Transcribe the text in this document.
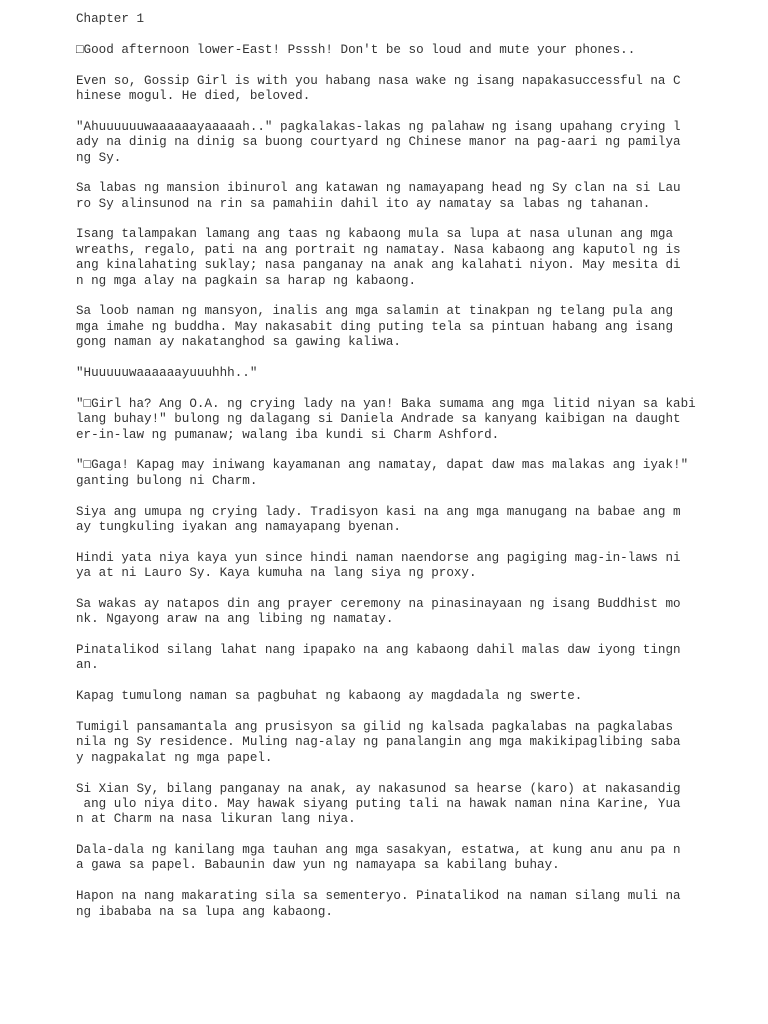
Chapter 1
□Good afternoon lower-East! Psssh! Don't be so loud and mute your phones..
Even so, Gossip Girl is with you habang nasa wake ng isang napakasuccessful na C
hinese mogul. He died, beloved.
"Ahuuuuuuwaaaaaayaaaaah.." pagkalakas-lakas ng palahaw ng isang upahang crying l
ady na dinig na dinig sa buong courtyard ng Chinese manor na pag-aari ng pamilya
ng Sy.
Sa labas ng mansion ibinurol ang katawan ng namayapang head ng Sy clan na si Lau
ro Sy alinsunod na rin sa pamahiin dahil ito ay namatay sa labas ng tahanan.
Isang talampakan lamang ang taas ng kabaong mula sa lupa at nasa ulunan ang mga
wreaths, regalo, pati na ang portrait ng namatay. Nasa kabaong ang kaputol ng is
ang kinalahating suklay; nasa panganay na anak ang kalahati niyon. May mesita di
n ng mga alay na pagkain sa harap ng kabaong.
Sa loob naman ng mansyon, inalis ang mga salamin at tinakpan ng telang pula ang
mga imahe ng buddha. May nakasabit ding puting tela sa pintuan habang ang isang
gong naman ay nakatanghod sa gawing kaliwa.
"Huuuuuwaaaaaayuuuhhh.."
"□Girl ha? Ang O.A. ng crying lady na yan! Baka sumama ang mga litid niyan sa kabi
lang buhay!" bulong ng dalagang si Daniela Andrade sa kanyang kaibigan na daught
er-in-law ng pumanaw; walang iba kundi si Charm Ashford.
"□Gaga! Kapag may iniwang kayamanan ang namatay, dapat daw mas malakas ang iyak!"
ganting bulong ni Charm.
Siya ang umupa ng crying lady. Tradisyon kasi na ang mga manugang na babae ang m
ay tungkuling iyakan ang namayapang byenan.
Hindi yata niya kaya yun since hindi naman naendorse ang pagiging mag-in-laws ni
ya at ni Lauro Sy. Kaya kumuha na lang siya ng proxy.
Sa wakas ay natapos din ang prayer ceremony na pinasinayaan ng isang Buddhist mo
nk. Ngayong araw na ang libing ng namatay.
Pinatalikod silang lahat nang ipapako na ang kabaong dahil malas daw iyong tingn
an.
Kapag tumulong naman sa pagbuhat ng kabaong ay magdadala ng swerte.
Tumigil pansamantala ang prusisyon sa gilid ng kalsada pagkalabas na pagkalabas
nila ng Sy residence. Muling nag-alay ng panalangin ang mga makikipaglibing saba
y nagpakalat ng mga papel.
Si Xian Sy, bilang panganay na anak, ay nakasunod sa hearse (karo) at nakasandig
ang ulo niya dito. May hawak siyang puting tali na hawak naman nina Karine, Yua
n at Charm na nasa likuran lang niya.
Dala-dala ng kanilang mga tauhan ang mga sasakyan, estatwa, at kung anu anu pa n
a gawa sa papel. Babaunin daw yun ng namayapa sa kabilang buhay.
Hapon na nang makarating sila sa sementeryo. Pinatalikod na naman silang muli na
ng ibababa na sa lupa ang kabaong.
